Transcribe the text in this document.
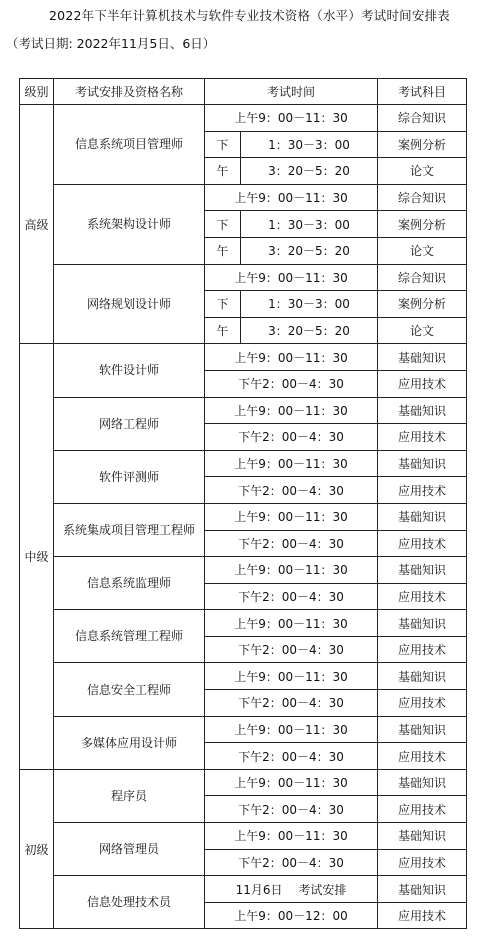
2022年下半年计算机技术与软件专业技术资格（水平）考试时间安排表
（考试日期: 2022年11月5日、6日）
级别	考试安排及资格名称	考试时间		考试科目
高级	信息系统项目管理师	上午9：00－11：30		综合知识
		下	1：30－3：00	案例分析
		午	3：20－5：20	论文
	系统架构设计师	上午9：00－11：30		综合知识
		下	1：30－3：00	案例分析
		午	3：20－5：20	论文
	网络规划设计师	上午9：00－11：30		综合知识
		下	1：30－3：00	案例分析
		午	3：20－5：20	论文
中级	软件设计师	上午9：00－11：30		基础知识
		下午2：00－4：30		应用技术
	网络工程师	上午9：00－11：30		基础知识
		下午2：00－4：30		应用技术
	软件评测师	上午9：00－11：30		基础知识
		下午2：00－4：30		应用技术
	系统集成项目管理工程师	上午9：00－11：30		基础知识
		下午2：00－4：30		应用技术
	信息系统监理师	上午9：00－11：30		基础知识
		下午2：00－4：30		应用技术
	信息系统管理工程师	上午9：00－11：30		基础知识
		下午2：00－4：30		应用技术
	信息安全工程师	上午9：00－11：30		基础知识
		下午2：00－4：30		应用技术
	多媒体应用设计师	上午9：00－11：30		基础知识
		下午2：00－4：30		应用技术
初级	程序员	上午9：00－11：30		基础知识
		下午2：00－4：30		应用技术
	网络管理员	上午9：00－11：30		基础知识
		下午2：00－4：30		应用技术
	信息处理技术员	11月6日　 考试安排		基础知识
		上午9：00－12：00		应用技术
